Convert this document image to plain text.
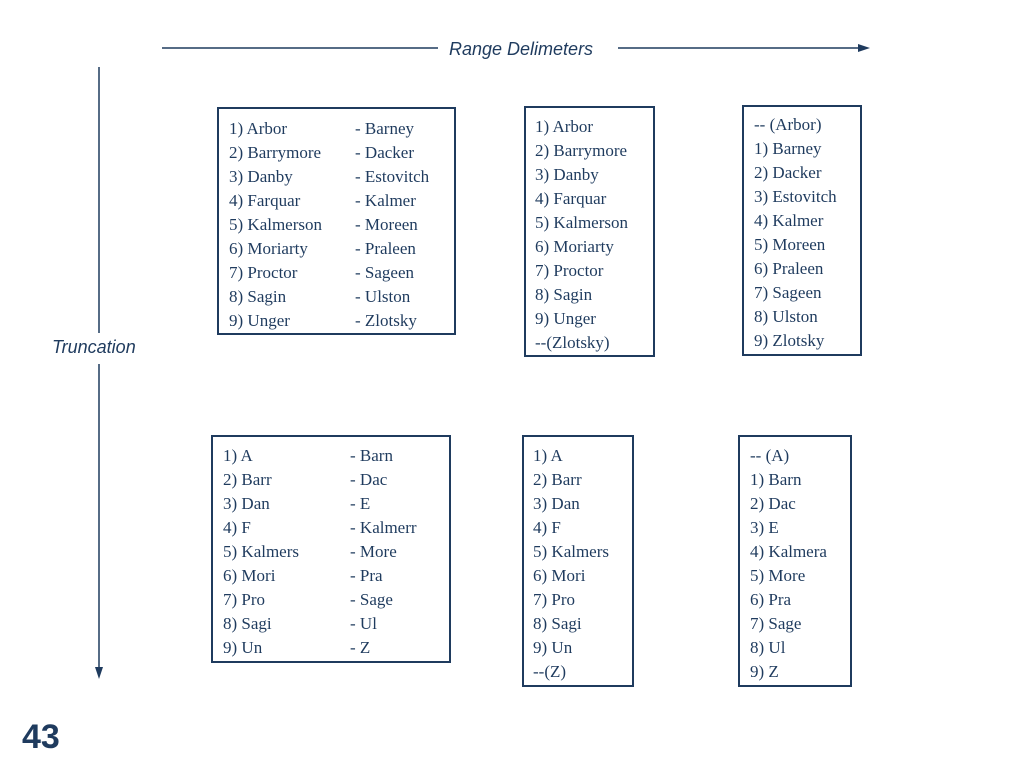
Range Delimeters
Truncation
1) Arbor	- Barney
2) Barrymore - Dacker
3) Danby	- Estovitch
4) Farquar	- Kalmer
5) Kalmerson - Moreen
6) Moriarty	- Praleen
7) Proctor	- Sageen
8) Sagin	- Ulston
9) Unger	- Zlotsky
1) Arbor
2) Barrymore
3) Danby
4) Farquar
5) Kalmerson
6) Moriarty
7) Proctor
8) Sagin
9) Unger
--(Zlotsky)
-- (Arbor)
1) Barney
2) Dacker
3) Estovitch
4) Kalmer
5) Moreen
6) Praleen
7) Sageen
8) Ulston
9) Zlotsky
1) A	- Barn
2) Barr	- Dac
3) Dan	- E
4) F	- Kalmerr
5) Kalmers	- More
6) Mori	- Pra
7) Pro	- Sage
8) Sagi	- Ul
9) Un	- Z
1) A
2) Barr
3) Dan
4) F
5) Kalmers
6) Mori
7) Pro
8) Sagi
9) Un
--(Z)
-- (A)
1) Barn
2) Dac
3) E
4) Kalmera
5) More
6) Pra
7) Sage
8) Ul
9) Z
43
